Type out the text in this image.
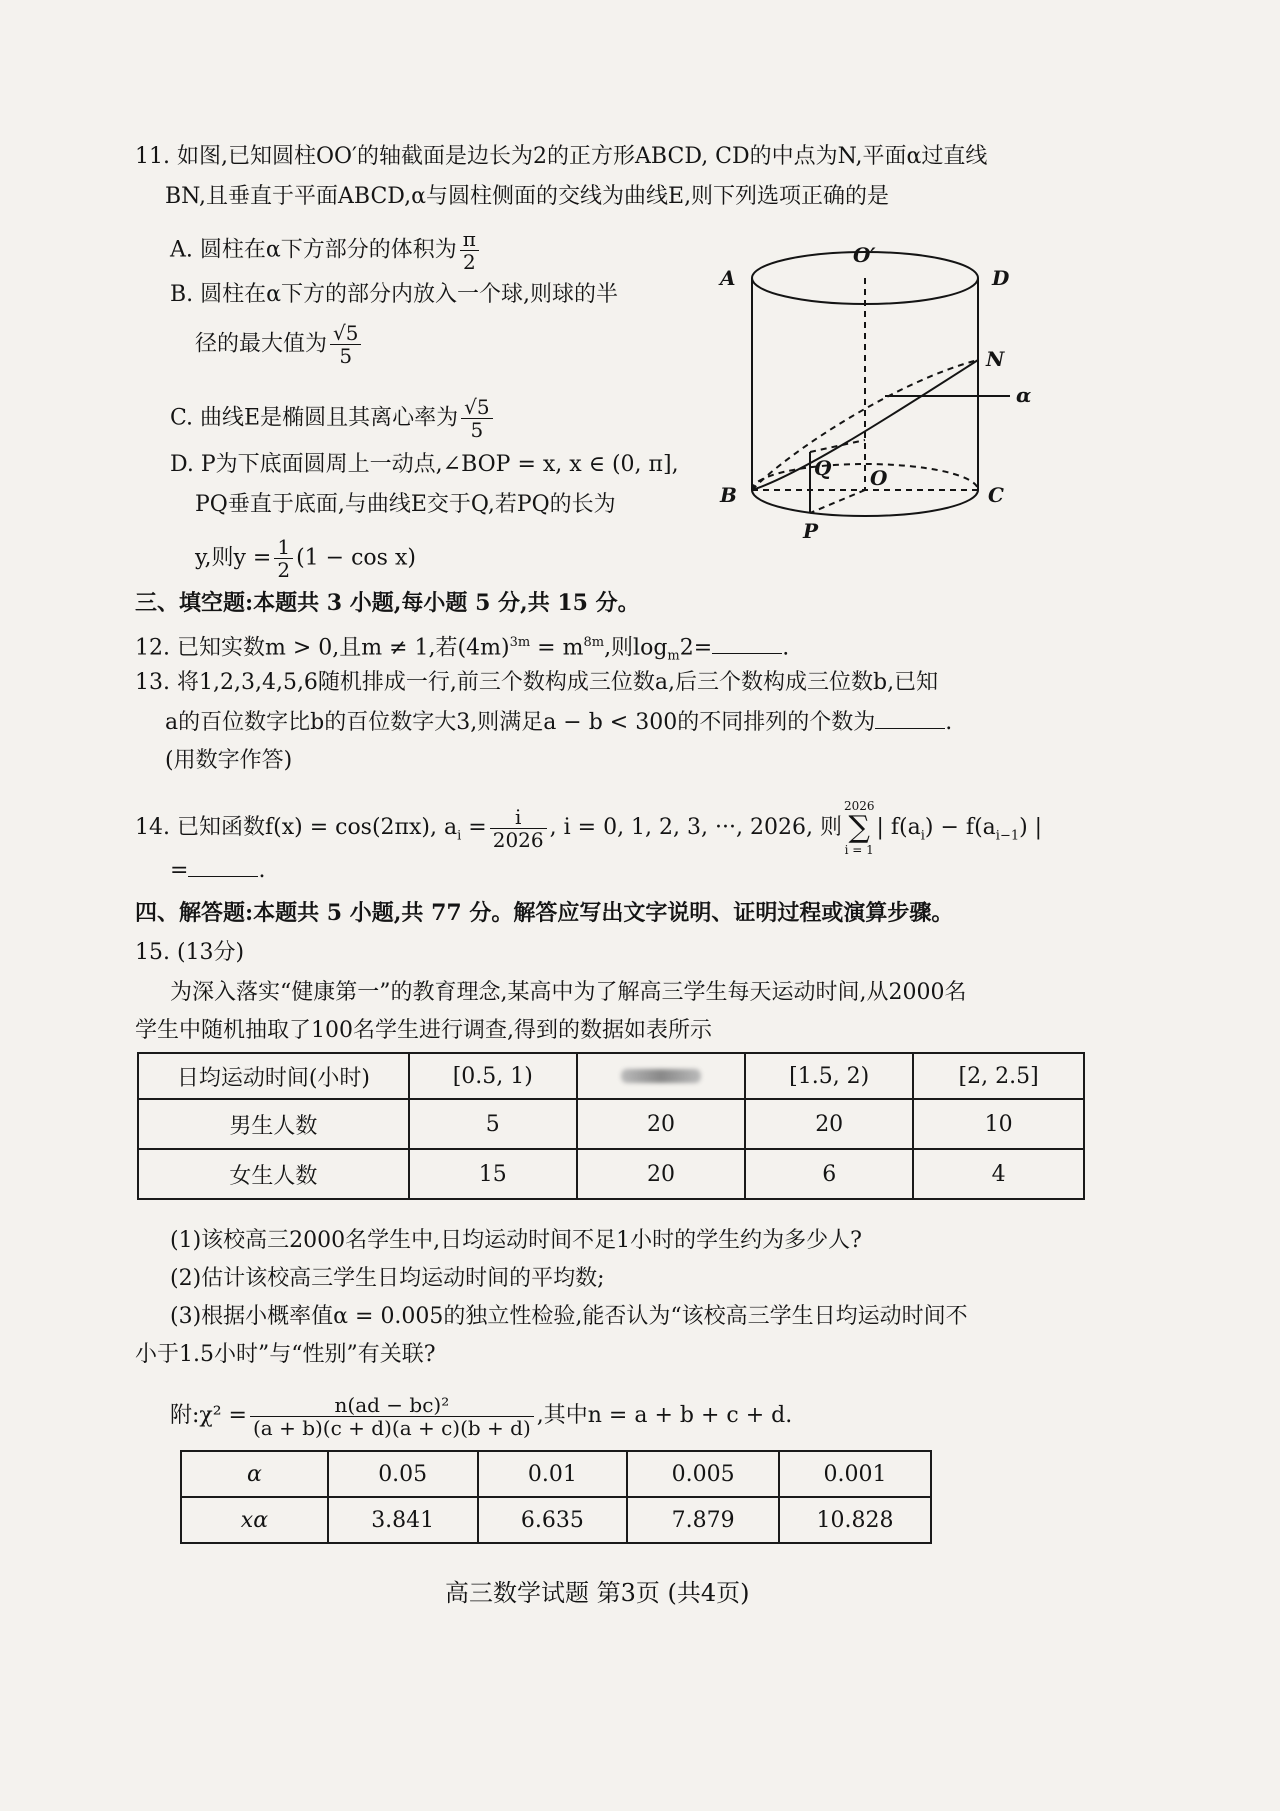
11. 如图,已知圆柱OO′的轴截面是边长为2的正方形ABCD, CD的中点为N,平面α过直线
BN,且垂直于平面ABCD,α与圆柱侧面的交线为曲线E,则下列选项正确的是
A. 圆柱在α下方部分的体积为 $\frac{\pi}{2}$
B. 圆柱在α下方的部分内放入一个球,则球的半
径的最大值为 $\frac{√5}{5}$
C. 曲线E是椭圆且其离心率为 $\frac{√5}{5}$
D. P为下底面圆周上一动点,∠BOP = x, x ∈ (0, π],
PQ垂直于底面,与曲线E交于Q,若PQ的长为
y,则$y = \frac{1}{2} (1 - \cos x)$
A
O′
D
N
α
B
Q O
C
P
三、填空题:本题共 3 小题,每小题 5 分,共 15 分。
12. 已知实数m > 0,且m ≠ 1,若$(4m)^{3m} = m^{8m}$,则$\log_m2=$	.
13. 将1,2,3,4,5,6随机排成一行,前三个数构成三位数a,后三个数构成三位数b,已知
a的百位数字比b的百位数字大3,则满足a − b < 300的不同排列的个数为	.
(用数字作答)
14. 已知函数f(x) = cos(2πx), $a_i = \frac{i}{2026}$ , i = 0, 1, 2, 3, ···, 2026, 则
2026
∑
i = 1
| $f(a_i) - f(a_{i-1})$ |
=	.
四、解答题:本题共 5 小题,共 77 分。解答应写出文字说明、证明过程或演算步骤。
15. (13分)
为深入落实“健康第一”的教育理念,某高中为了解高三学生每天运动时间,从2000名
学生中随机抽取了100名学生进行调查,得到的数据如表所示
日均运动时间(小时)	[0.5, 1)		[1.5, 2)	[2, 2.5]
男生人数	5	20	20	10
女生人数	15	20	6	4
(1)该校高三2000名学生中,日均运动时间不足1小时的学生约为多少人?
(2)估计该校高三学生日均运动时间的平均数;
(3)根据小概率值α = 0.005的独立性检验,能否认为“该校高三学生日均运动时间不
小于1.5小时”与“性别”有关联?
附:χ² = $\frac{\text{n(ad − bc)²}}{(a + b)(c + d)(a + c)(b + d)}$ ,其中n = a + b + c + d.
α	0.05	0.01	0.005	0.001
xα	3.841	6.635	7.879	10.828
高三数学试题 第3页 (共4页)
